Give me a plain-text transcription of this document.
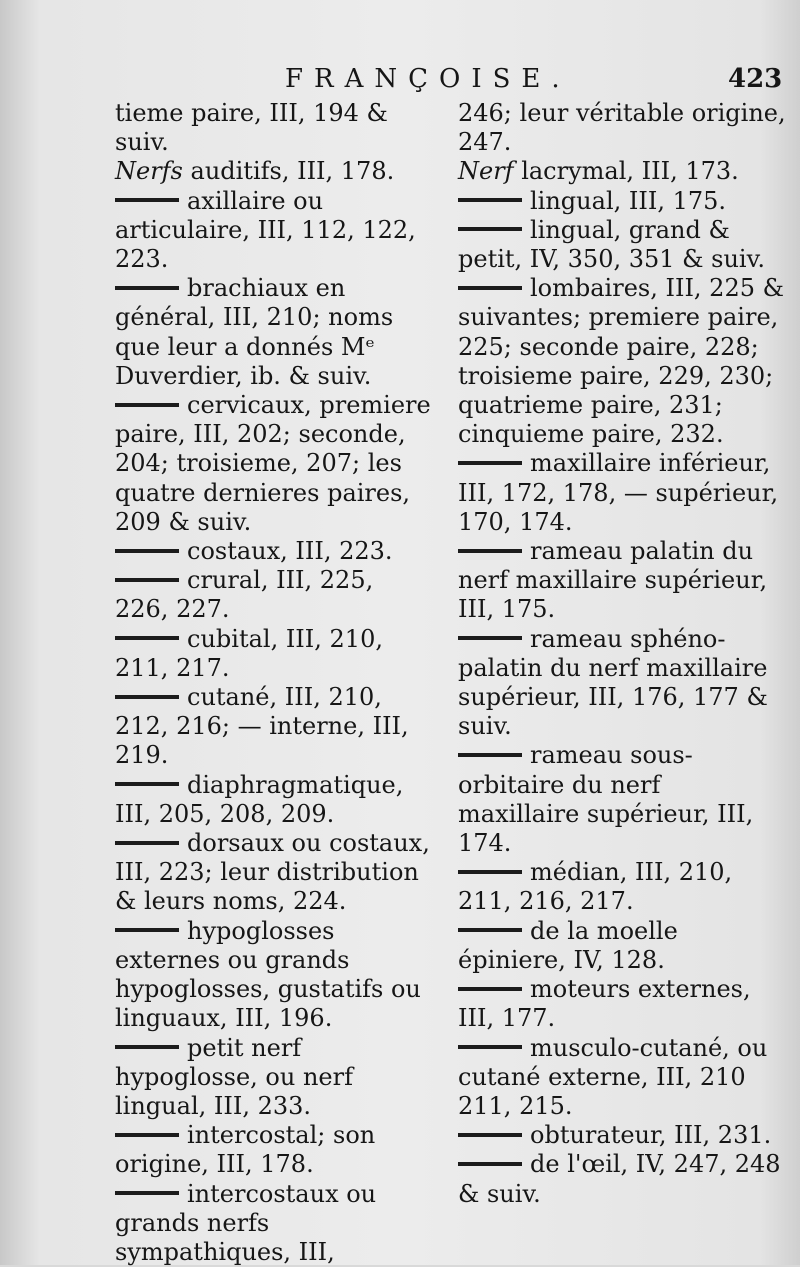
FRANÇOISE.	423

tieme paire, III, 194 & suiv.

Nerfs auditifs, III, 178.

axillaire ou articulaire, III, 112, 122, 223.

brachiaux en général, III, 210; noms que leur a donnés Mᵉ Duverdier, ib. & suiv.

cervicaux, premiere paire, III, 202; seconde, 204; troisieme, 207; les quatre dernieres paires, 209 & suiv.

costaux, III, 223.

crural, III, 225, 226, 227.

cubital, III, 210, 211, 217.

cutané, III, 210, 212, 216; — interne, III, 219.

diaphragmatique, III, 205, 208, 209.

dorsaux ou costaux, III, 223; leur distribution & leurs noms, 224.

hypoglosses externes ou grands hypoglosses, gustatifs ou linguaux, III, 196.

petit nerf hypoglosse, ou nerf lingual, III, 233.

intercostal; son origine, III, 178.

intercostaux ou grands nerfs sympathiques, III,

246; leur véritable origine, 247.

Nerf lacrymal, III, 173.

lingual, III, 175.

lingual, grand & petit, IV, 350, 351 & suiv.

lombaires, III, 225 & suivantes; premiere paire, 225; seconde paire, 228; troisieme paire, 229, 230; quatrieme paire, 231; cinquieme paire, 232.

maxillaire inférieur, III, 172, 178, — supérieur, 170, 174.

rameau palatin du nerf maxillaire supérieur, III, 175.

rameau sphéno-palatin du nerf maxillaire supérieur, III, 176, 177 & suiv.

rameau sous-orbitaire du nerf maxillaire supérieur, III, 174.

médian, III, 210, 211, 216, 217.

de la moelle épiniere, IV, 128.

moteurs externes, III, 177.

musculo-cutané, ou cutané externe, III, 210 211, 215.

obturateur, III, 231.

de l'œil, IV, 247, 248 & suiv.
